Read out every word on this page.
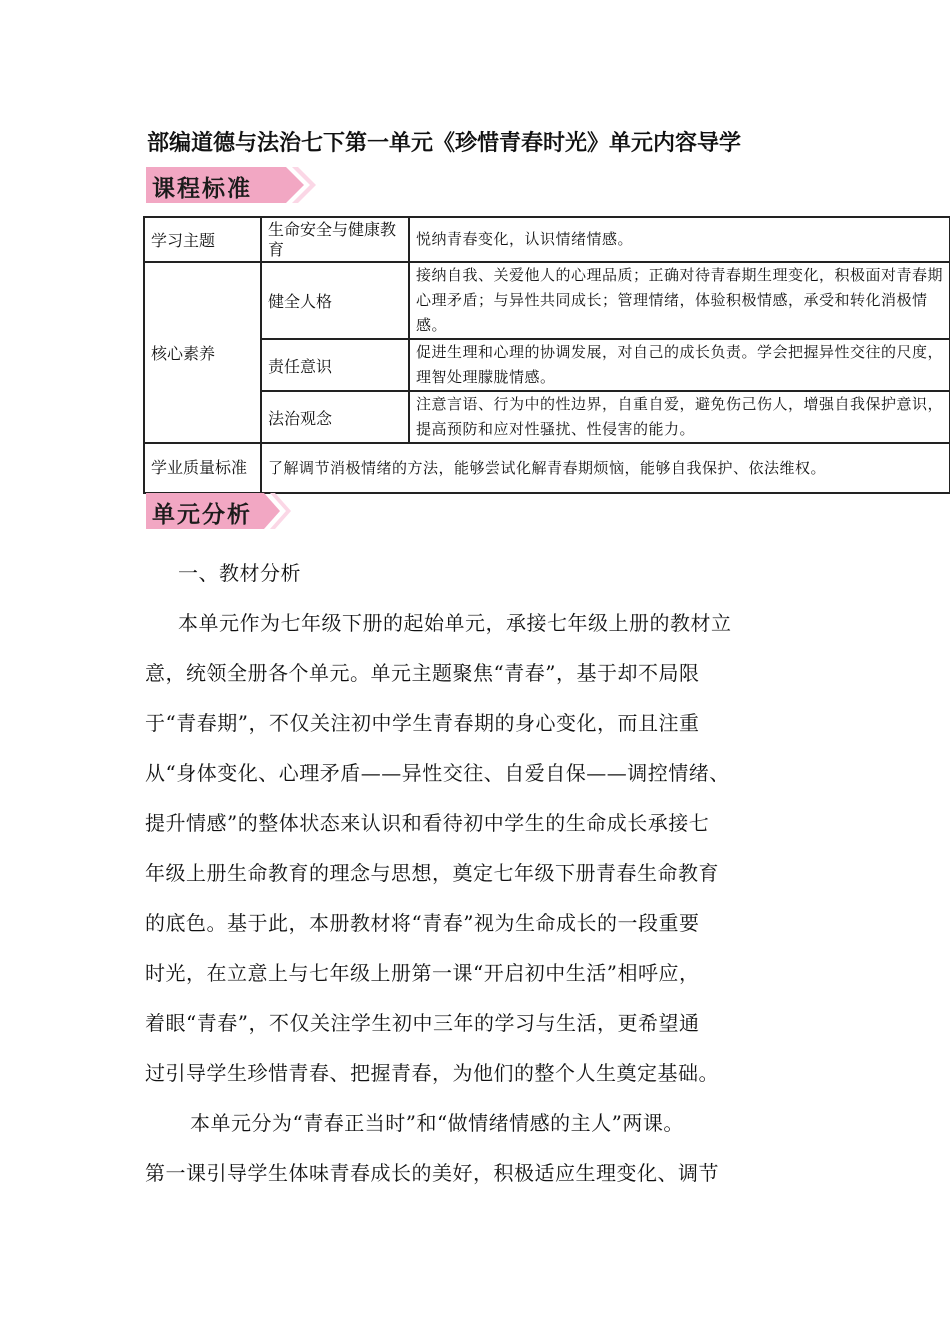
部编道德与法治七下第一单元《珍惜青春时光》单元内容导学
课程标准
学习主题	生命安全与健康教育	悦纳青春变化，认识情绪情感。
核心素养	健全人格	接纳自我、关爱他人的心理品质；正确对待青春期生理变化，积极面对青春期心理矛盾；与异性共同成长；管理情绪，体验积极情感，承受和转化消极情感。
	责任意识	促进生理和心理的协调发展，对自己的成长负责。学会把握异性交往的尺度，理智处理朦胧情感。
	法治观念	注意言语、行为中的性边界，自重自爱，避免伤己伤人，增强自我保护意识，提高预防和应对性骚扰、性侵害的能力。
学业质量标准	了解调节消极情绪的方法，能够尝试化解青春期烦恼，能够自我保护、依法维权。	
单元分析

一、教材分析

本单元作为七年级下册的起始单元，承接七年级上册的教材立

意，统领全册各个单元。单元主题聚焦“青春”，基于却不局限

于“青春期”，不仅关注初中学生青春期的身心变化，而且注重

从“身体变化、心理矛盾——异性交往、自爱自保——调控情绪、

提升情感”的整体状态来认识和看待初中学生的生命成长承接七

年级上册生命教育的理念与思想，奠定七年级下册青春生命教育

的底色。基于此，本册教材将“青春”视为生命成长的一段重要

时光，在立意上与七年级上册第一课“开启初中生活”相呼应，

着眼“青春”，不仅关注学生初中三年的学习与生活，更希望通

过引导学生珍惜青春、把握青春，为他们的整个人生奠定基础。

本单元分为“青春正当时”和“做情绪情感的主人”两课。

第一课引导学生体味青春成长的美好，积极适应生理变化、调节
